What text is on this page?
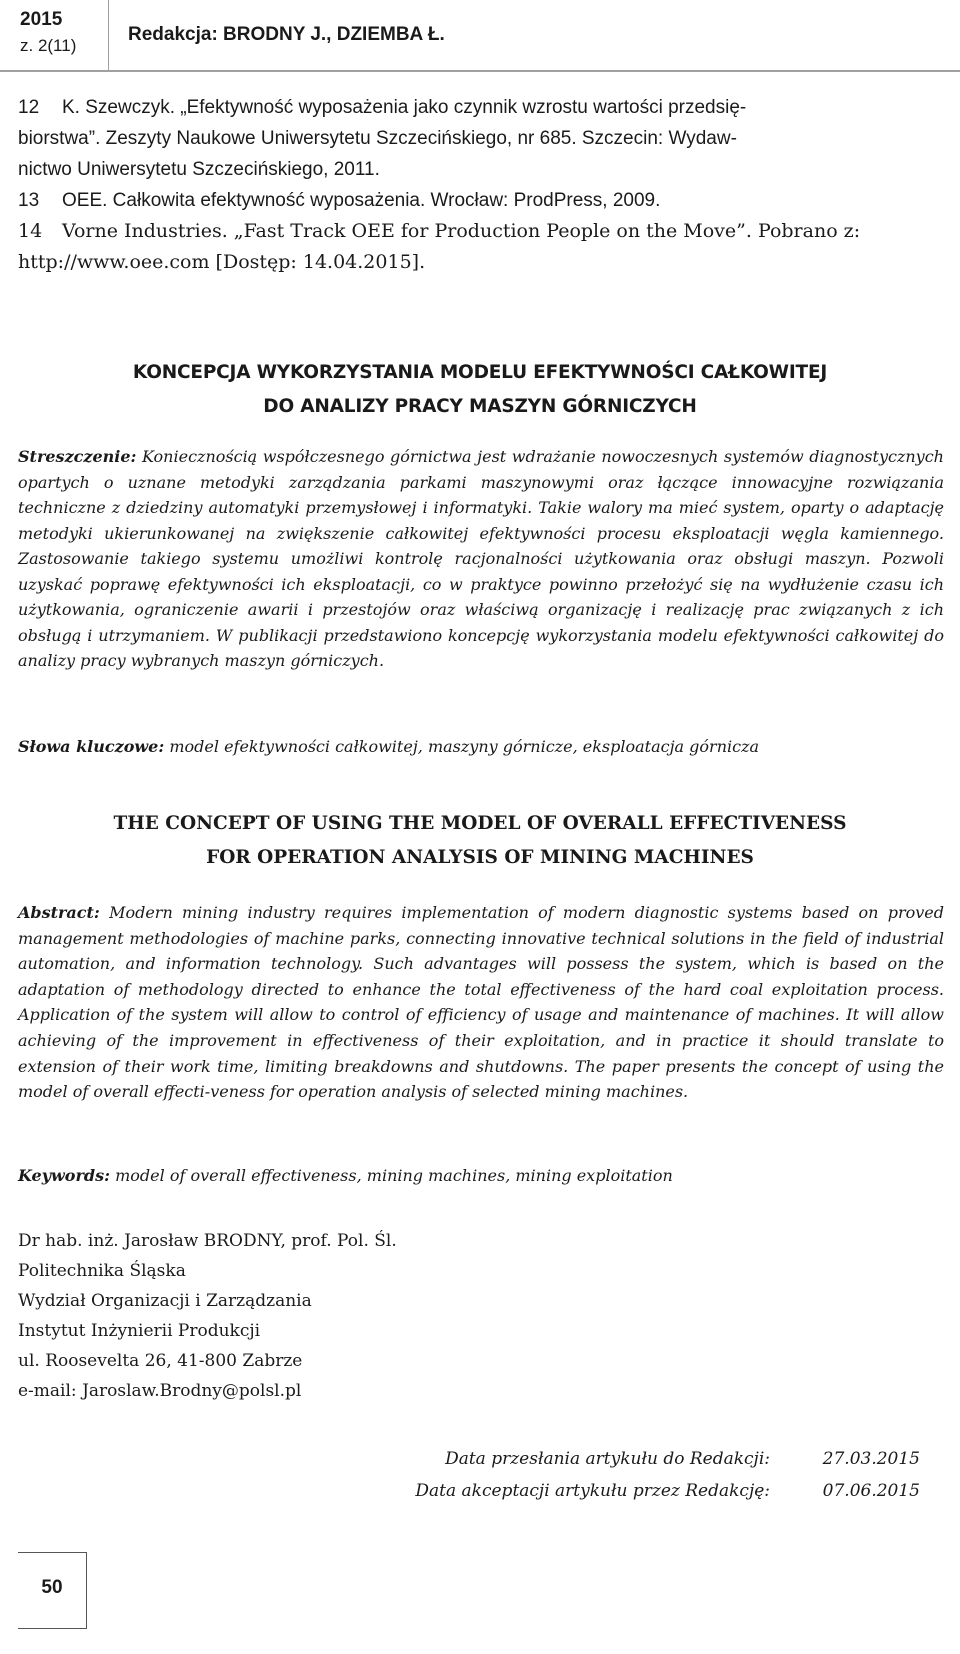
2015
z. 2(11)
Redakcja: BRODNY J., DZIEMBA Ł.
12 K. Szewczyk. „Efektywność wyposażenia jako czynnik wzrostu wartości przedsię-
biorstwa”. Zeszyty Naukowe Uniwersytetu Szczecińskiego, nr 685. Szczecin: Wydaw-
nictwo Uniwersytetu Szczecińskiego, 2011.
13 OEE. Całkowita efektywność wyposażenia. Wrocław: ProdPress, 2009.
14 Vorne Industries. „Fast Track OEE for Production People on the Move”. Pobrano z:
http://www.oee.com [Dostęp: 14.04.2015].
KONCEPCJA WYKORZYSTANIA MODELU EFEKTYWNOŚCI CAŁKOWITEJ
DO ANALIZY PRACY MASZYN GÓRNICZYCH
Streszczenie: Koniecznością współczesnego górnictwa jest wdrażanie nowoczesnych systemów diagnostycznych opartych o uznane metodyki zarządzania parkami maszynowymi oraz łączące innowacyjne rozwiązania techniczne z dziedziny automatyki przemysłowej i informatyki. Takie walory ma mieć system, oparty o adaptację metodyki ukierunkowanej na zwiększenie całkowitej efektywności procesu eksploatacji węgla kamiennego. Zastosowanie takiego systemu umożliwi kontrolę racjonalności użytkowania oraz obsługi maszyn. Pozwoli uzyskać poprawę efektywności ich eksploatacji, co w praktyce powinno przełożyć się na wydłużenie czasu ich użytkowania, ograniczenie awarii i przestojów oraz właściwą organizację i realizację prac związanych z ich obsługą i utrzymaniem. W publikacji przedstawiono koncepcję wykorzystania modelu efektywności całkowitej do analizy pracy wybranych maszyn górniczych.
Słowa kluczowe: model efektywności całkowitej, maszyny górnicze, eksploatacja górnicza
THE CONCEPT OF USING THE MODEL OF OVERALL EFFECTIVENESS
FOR OPERATION ANALYSIS OF MINING MACHINES
Abstract: Modern mining industry requires implementation of modern diagnostic systems based on proved management methodologies of machine parks, connecting innovative technical solutions in the field of industrial automation, and information technology. Such advantages will possess the system, which is based on the adaptation of methodology directed to enhance the total effectiveness of the hard coal exploitation process. Application of the system will allow to control of efficiency of usage and maintenance of machines. It will allow achieving of the improvement in effectiveness of their exploitation, and in practice it should translate to extension of their work time, limiting breakdowns and shutdowns. The paper presents the concept of using the model of overall effecti-veness for operation analysis of selected mining machines.
Keywords: model of overall effectiveness, mining machines, mining exploitation
Dr hab. inż. Jarosław BRODNY, prof. Pol. Śl.
Politechnika Śląska
Wydział Organizacji i Zarządzania
Instytut Inżynierii Produkcji
ul. Roosevelta 26, 41-800 Zabrze
e-mail: Jaroslaw.Brodny@polsl.pl
Data przesłania artykułu do Redakcji:	27.03.2015
Data akceptacji artykułu przez Redakcję:	07.06.2015
50
